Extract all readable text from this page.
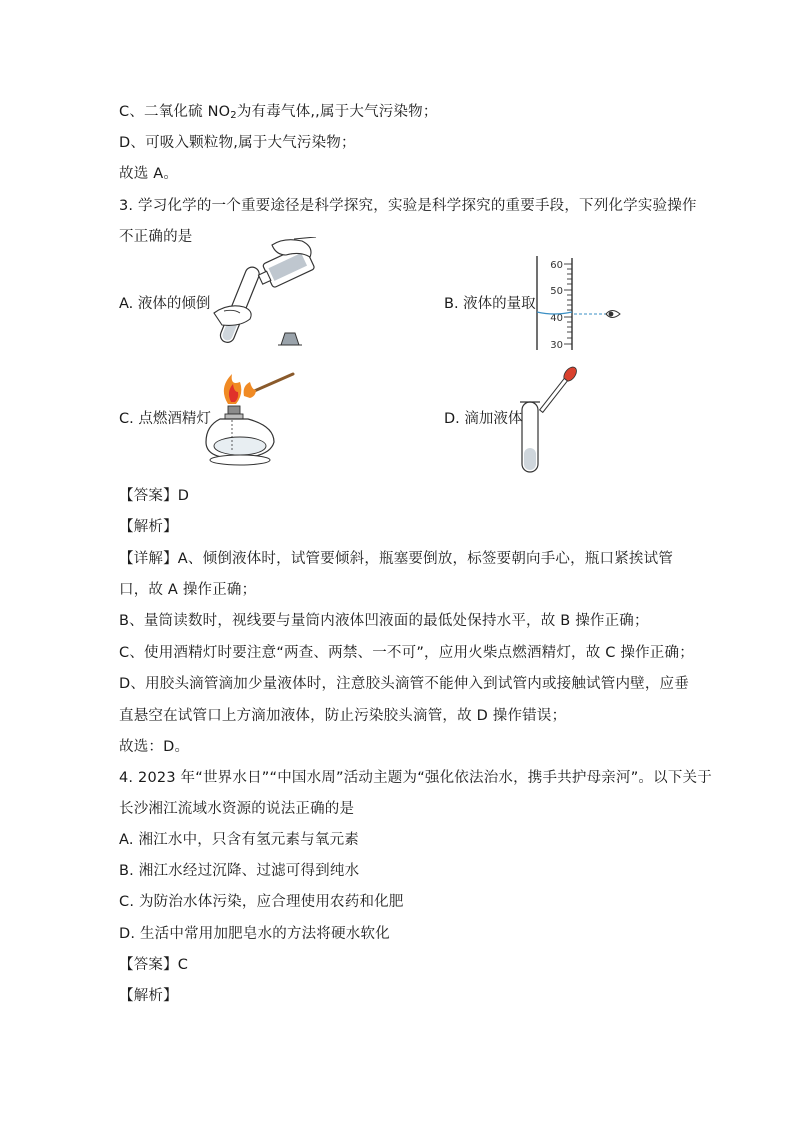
C、二氧化硫 $NO_2$为有毒气体,,属于大气污染物；
D、可吸入颗粒物,属于大气污染物；
故选 A。
3. 学习化学的一个重要途径是科学探究，实验是科学探究的重要手段，下列化学实验操作
不正确的是
A. 液体的倾倒	B. 液体的量取
C. 点燃酒精灯	D. 滴加液体
60
50
40
30
【答案】D
【解析】
【详解】A、倾倒液体时，试管要倾斜，瓶塞要倒放，标签要朝向手心，瓶口紧挨试管
口，故 A 操作正确；
B、量筒读数时，视线要与量筒内液体凹液面的最低处保持水平，故 B 操作正确；
C、使用酒精灯时要注意“两查、两禁、一不可”，应用火柴点燃酒精灯，故 C 操作正确；
D、用胶头滴管滴加少量液体时，注意胶头滴管不能伸入到试管内或接触试管内壁，应垂
直悬空在试管口上方滴加液体，防止污染胶头滴管，故 D 操作错误；
故选：D。
4. 2023 年“世界水日”“中国水周”活动主题为“强化依法治水，携手共护母亲河”。以下关于
长沙湘江流域水资源的说法正确的是
A. 湘江水中，只含有氢元素与氧元素
B. 湘江水经过沉降、过滤可得到纯水
C. 为防治水体污染，应合理使用农药和化肥
D. 生活中常用加肥皂水的方法将硬水软化
【答案】C
【解析】
